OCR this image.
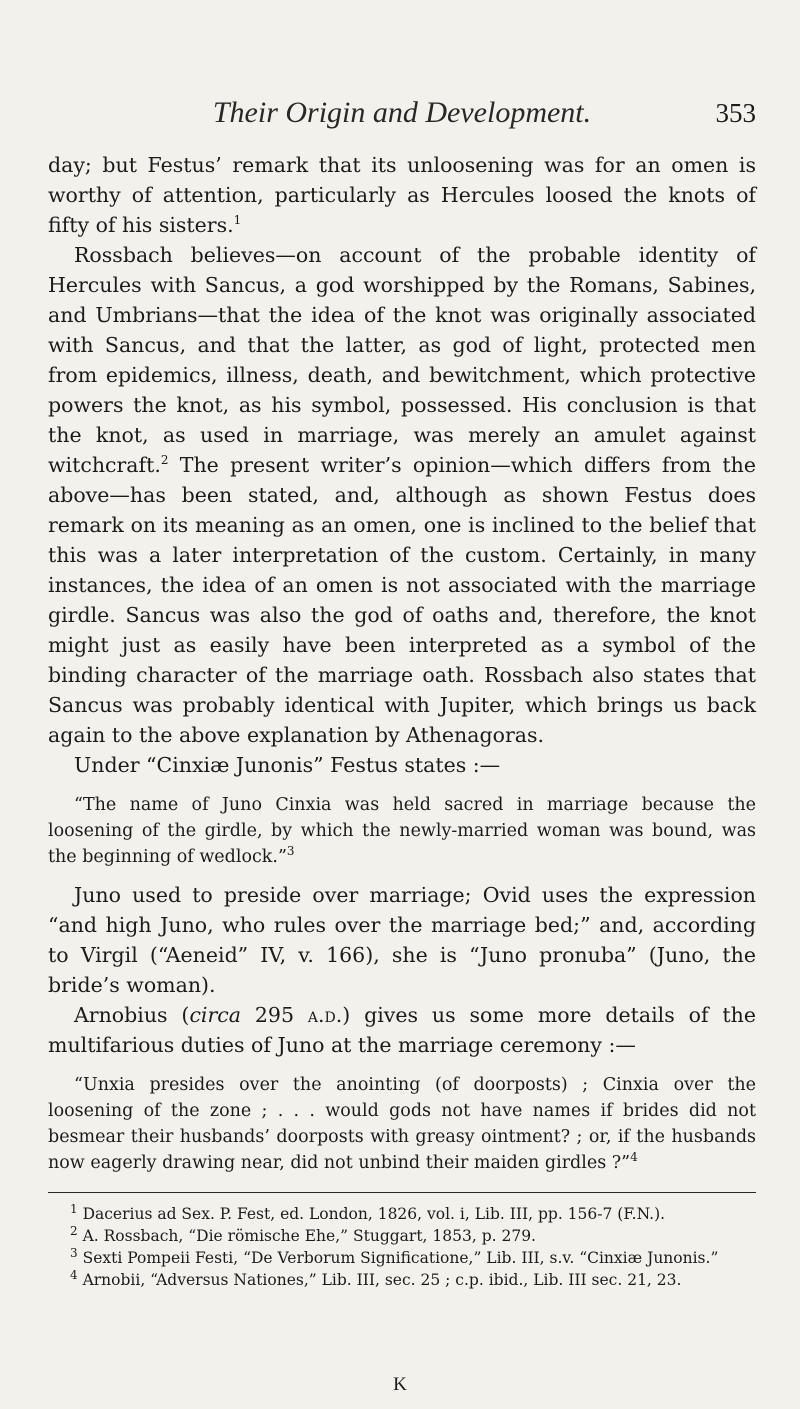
Their Origin and Development.	353

day; but Festus’ remark that its unloosening was for an omen is worthy of attention, particularly as Hercules loosed the knots of fifty of his sisters.$^1$

Rossbach believes—on account of the probable identity of Hercules with Sancus, a god worshipped by the Romans, Sabines, and Umbrians—that the idea of the knot was originally associated with Sancus, and that the latter, as god of light, protected men from epidemics, illness, death, and bewitchment, which protective powers the knot, as his symbol, possessed. His conclusion is that the knot, as used in marriage, was merely an amulet against witchcraft.$^2$ The present writer’s opinion—which differs from the above—has been stated, and, although as shown Festus does remark on its meaning as an omen, one is inclined to the belief that this was a later interpretation of the custom. Certainly, in many instances, the idea of an omen is not associated with the marriage girdle. Sancus was also the god of oaths and, therefore, the knot might just as easily have been interpreted as a symbol of the binding character of the marriage oath. Rossbach also states that Sancus was probably identical with Jupiter, which brings us back again to the above explanation by Athenagoras.

Under “Cinxiæ Junonis” Festus states :—

“The name of Juno Cinxia was held sacred in marriage because the loosening of the girdle, by which the newly-married woman was bound, was the beginning of wedlock.”$^3$

Juno used to preside over marriage; Ovid uses the expression “and high Juno, who rules over the marriage bed;” and, according to Virgil (“Aeneid” IV, v. 166), she is “Juno pronuba” (Juno, the bride’s woman).

Arnobius (circa 295 a.d.) gives us some more details of the multifarious duties of Juno at the marriage ceremony :—

“Unxia presides over the anointing (of doorposts) ; Cinxia over the loosening of the zone ; . . . would gods not have names if brides did not besmear their husbands’ doorposts with greasy ointment? ; or, if the husbands now eagerly drawing near, did not unbind their maiden girdles ?”$^4$

$^1$ Dacerius ad Sex. P. Fest, ed. London, 1826, vol. i, Lib. III, pp. 156-7 (F.N.).

$^2$ A. Rossbach, “Die römische Ehe,” Stuggart, 1853, p. 279.

$^3$ Sexti Pompeii Festi, “De Verborum Significatione,” Lib. III, s.v. “Cinxiæ Junonis.”

$^4$ Arnobii, “Adversus Nationes,” Lib. III, sec. 25 ; c.p. ibid., Lib. III sec. 21, 23.

K
